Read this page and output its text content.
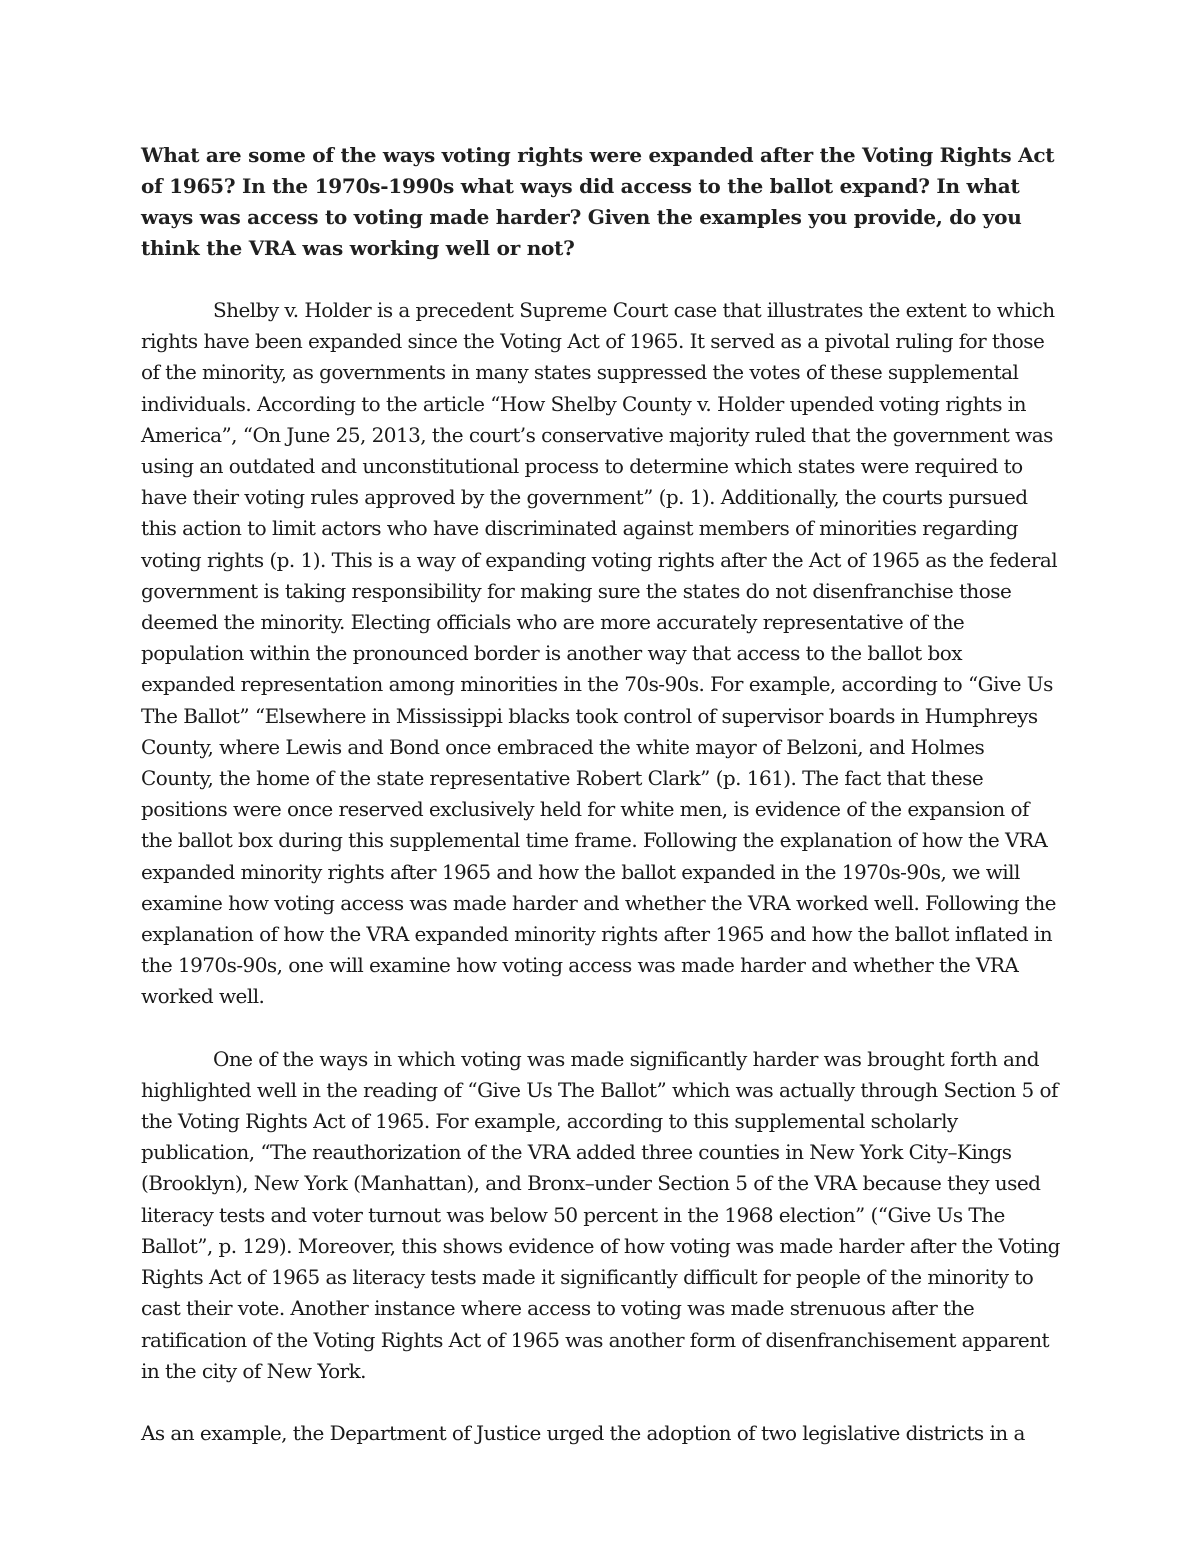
What are some of the ways voting rights were expanded after the Voting Rights Act of 1965? In the 1970s-1990s what ways did access to the ballot expand? In what ways was access to voting made harder? Given the examples you provide, do you think the VRA was working well or not?

Shelby v. Holder is a precedent Supreme Court case that illustrates the extent to which rights have been expanded since the Voting Act of 1965. It served as a pivotal ruling for those of the minority, as governments in many states suppressed the votes of these supplemental individuals. According to the article “How Shelby County v. Holder upended voting rights in America”, “On June 25, 2013, the court’s conservative majority ruled that the government was using an outdated and unconstitutional process to determine which states were required to have their voting rules approved by the government” (p. 1). Additionally, the courts pursued this action to limit actors who have discriminated against members of minorities regarding voting rights (p. 1). This is a way of expanding voting rights after the Act of 1965 as the federal government is taking responsibility for making sure the states do not disenfranchise those deemed the minority. Electing officials who are more accurately representative of the population within the pronounced border is another way that access to the ballot box expanded representation among minorities in the 70s-90s. For example, according to “Give Us The Ballot” “Elsewhere in Mississippi blacks took control of supervisor boards in Humphreys County, where Lewis and Bond once embraced the white mayor of Belzoni, and Holmes County, the home of the state representative Robert Clark” (p. 161). The fact that these positions were once reserved exclusively held for white men, is evidence of the expansion of the ballot box during this supplemental time frame. Following the explanation of how the VRA expanded minority rights after 1965 and how the ballot expanded in the 1970s-90s, we will examine how voting access was made harder and whether the VRA worked well. Following the explanation of how the VRA expanded minority rights after 1965 and how the ballot inflated in the 1970s-90s, one will examine how voting access was made harder and whether the VRA worked well.

One of the ways in which voting was made significantly harder was brought forth and highlighted well in the reading of “Give Us The Ballot” which was actually through Section 5 of the Voting Rights Act of 1965. For example, according to this supplemental scholarly publication, “The reauthorization of the VRA added three counties in New York City–Kings (Brooklyn), New York (Manhattan), and Bronx–under Section 5 of the VRA because they used literacy tests and voter turnout was below 50 percent in the 1968 election” (“Give Us The Ballot”, p. 129). Moreover, this shows evidence of how voting was made harder after the Voting Rights Act of 1965 as literacy tests made it significantly difficult for people of the minority to cast their vote. Another instance where access to voting was made strenuous after the ratification of the Voting Rights Act of 1965 was another form of disenfranchisement apparent in the city of New York.

As an example, the Department of Justice urged the adoption of two legislative districts in a
